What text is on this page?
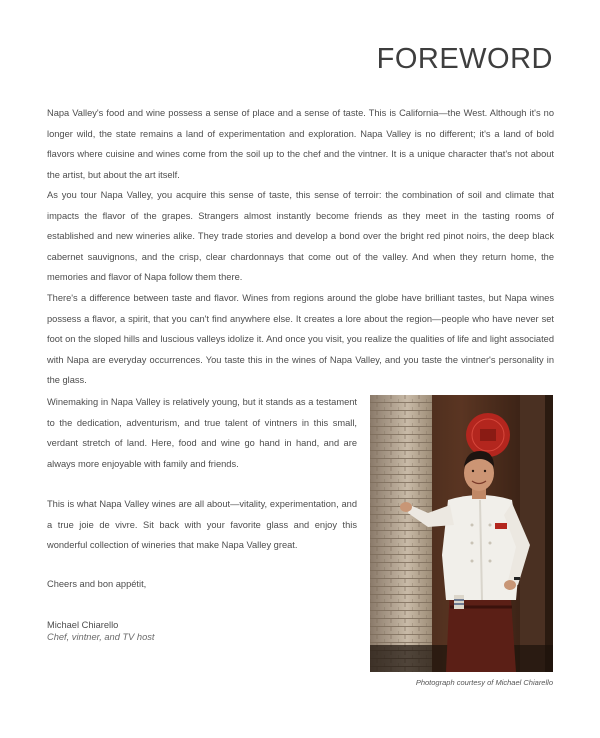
FOREWORD

Napa Valley's food and wine possess a sense of place and a sense of taste. This is California—the West. Although it's no longer wild, the state remains a land of experimentation and exploration. Napa Valley is no different; it's a land of bold flavors where cuisine and wines come from the soil up to the chef and the vintner. It is a unique character that's not about the artist, but about the art itself.

As you tour Napa Valley, you acquire this sense of taste, this sense of terroir: the combination of soil and climate that impacts the flavor of the grapes. Strangers almost instantly become friends as they meet in the tasting rooms of established and new wineries alike. They trade stories and develop a bond over the bright red pinot noirs, the deep black cabernet sauvignons, and the crisp, clear chardonnays that come out of the valley. And when they return home, the memories and flavor of Napa follow them there.

There's a difference between taste and flavor. Wines from regions around the globe have brilliant tastes, but Napa wines possess a flavor, a spirit, that you can't find anywhere else. It creates a lore about the region—people who have never set foot on the sloped hills and luscious valleys idolize it. And once you visit, you realize the qualities of life and light associated with Napa are everyday occurrences. You taste this in the wines of Napa Valley, and you taste the vintner's personality in the glass.

Winemaking in Napa Valley is relatively young, but it stands as a testament to the dedication, adventurism, and true talent of vintners in this small, verdant stretch of land. Here, food and wine go hand in hand, and are always more enjoyable with family and friends.

This is what Napa Valley wines are all about—vitality, experimentation, and a true joie de vivre. Sit back with your favorite glass and enjoy this wonderful collection of wineries that make Napa Valley great.

Cheers and bon appétit,

Michael Chiarello

Chef, vintner, and TV host

Photograph courtesy of Michael Chiarello
